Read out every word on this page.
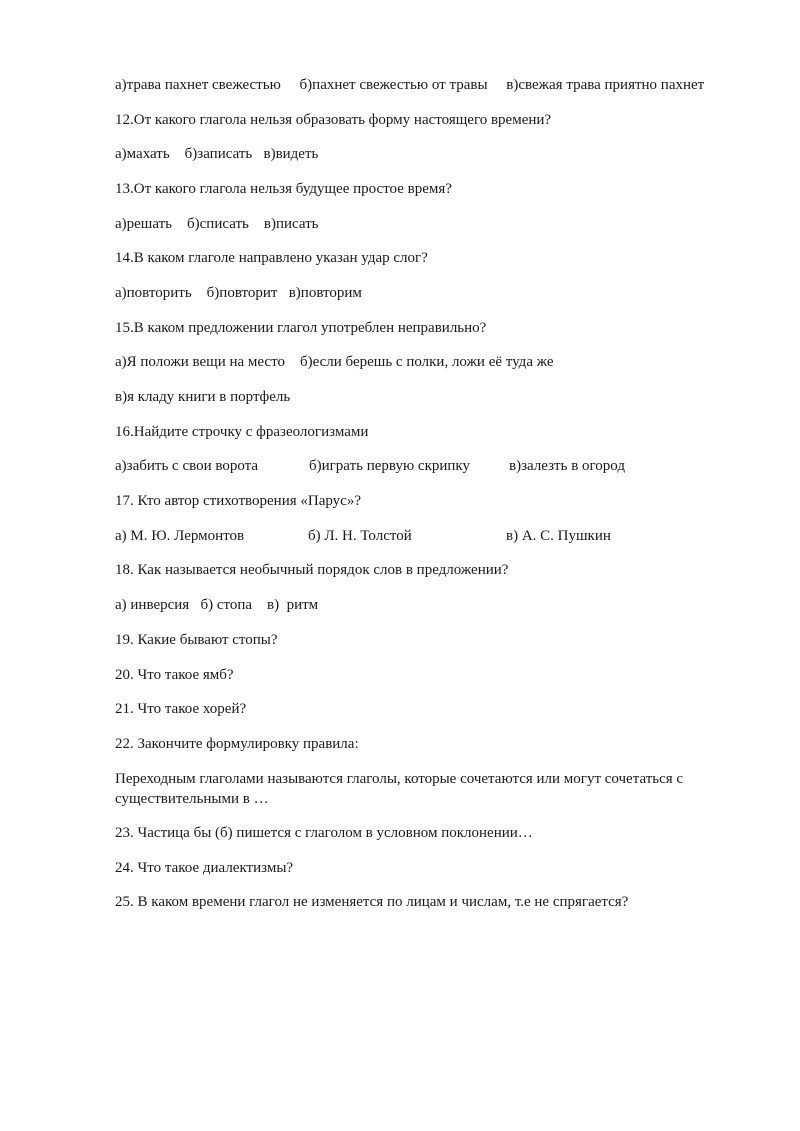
а)трава пахнет свежестью     б)пахнет свежестью от травы     в)свежая трава приятно пахнет

12.От какого глагола нельзя образовать форму настоящего времени?

а)махать    б)записать   в)видеть

13.От какого глагола нельзя будущее простое время?

а)решать    б)списать    в)писать

14.В каком глаголе направлено указан удар слог?

а)повторить    б)повторит   в)повторим

15.В каком предложении глагол употреблен неправильно?

а)Я положи вещи на место    б)если берешь с полки, ложи её туда же

в)я кладу книги в портфель

16.Найдите строчку с фразеологизмами

а)забить с свои ворота	б)играть первую скрипку	в)залезть в огород

17. Кто автор стихотворения «Парус»?

а) М. Ю. Лермонтов	б) Л. Н. Толстой	в) А. С. Пушкин

18. Как называется необычный порядок слов в предложении?

а) инверсия   б) стопа    в)  ритм

19. Какие бывают стопы?

20. Что такое ямб?

21. Что такое хорей?

22. Закончите формулировку правила:

Переходным глаголами называются глаголы, которые сочетаются или могут сочетаться с существительными в …

23. Частица бы (б) пишется с глаголом в условном поклонении…

24. Что такое диалектизмы?

25. В каком времени глагол не изменяется по лицам и числам, т.е не спрягается?
